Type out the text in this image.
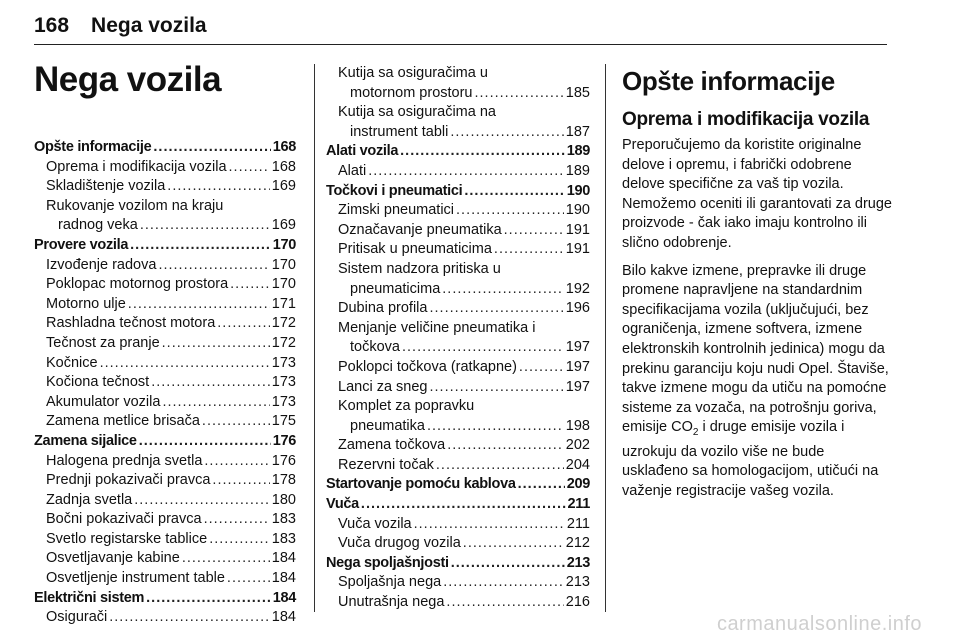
168 Nega vozila
Nega vozila
Opšte informacije .....	168
Oprema i modifikacija vozila .....	168
Skladištenje vozila .....	169
Rukovanje vozilom na kraju
radnog veka .....	169
Provere vozila .....	170
Izvođenje radova .....	170
Poklopac motornog prostora .....	170
Motorno ulje .....	171
Rashladna tečnost motora .....	172
Tečnost za pranje .....	172
Kočnice .....	173
Kočiona tečnost .....	173
Akumulator vozila .....	173
Zamena metlice brisača .....	175
Zamena sijalice .....	176
Halogena prednja svetla .....	176
Prednji pokazivači pravca .....	178
Zadnja svetla .....	180
Bočni pokazivači pravca .....	183
Svetlo registarske tablice .....	183
Osvetljavanje kabine .....	184
Osvetljenje instrument table .....	184
Električni sistem .....	184
Osigurači .....	184
Kutija sa osiguračima u
motornom prostoru .....	185
Kutija sa osiguračima na
instrument tabli .....	187
Alati vozila .....	189
Alati .....	189
Točkovi i pneumatici .....	190
Zimski pneumatici .....	190
Označavanje pneumatika .....	191
Pritisak u pneumaticima .....	191
Sistem nadzora pritiska u
pneumaticima .....	192
Dubina profila .....	196
Menjanje veličine pneumatika i
točkova .....	197
Poklopci točkova (ratkapne) .....	197
Lanci za sneg .....	197
Komplet za popravku
pneumatika .....	198
Zamena točkova .....	202
Rezervni točak .....	204
Startovanje pomoću kablova .....	209
Vuča .....	211
Vuča vozila .....	211
Vuča drugog vozila .....	212
Nega spoljašnjosti .....	213
Spoljašnja nega .....	213
Unutrašnja nega .....	216
Opšte informacije
Oprema i modifikacija vozila

Preporučujemo da koristite originalne delove i opremu, i fabrički odobrene delove specifične za vaš tip vozila. Nemožemo oceniti ili garantovati za druge proizvode - čak iako imaju kontrolno ili slično odobrenje.

Bilo kakve izmene, prepravke ili druge promene napravljene na standardnim specifikacijama vozila (uključujući, bez ograničenja, izmene softvera, izmene elektronskih kontrolnih jedinica) mogu da prekinu garanciju koju nudi Opel. Štaviše, takve izmene mogu da utiču na pomoćne sisteme za vozača, na potrošnju goriva, emisije $CO_2$ i druge emisije vozila i uzrokuju da vozilo više ne bude usklađeno sa homologacijom, utičući na važenje registracije vašeg vozila.

carmanualsonline.info
